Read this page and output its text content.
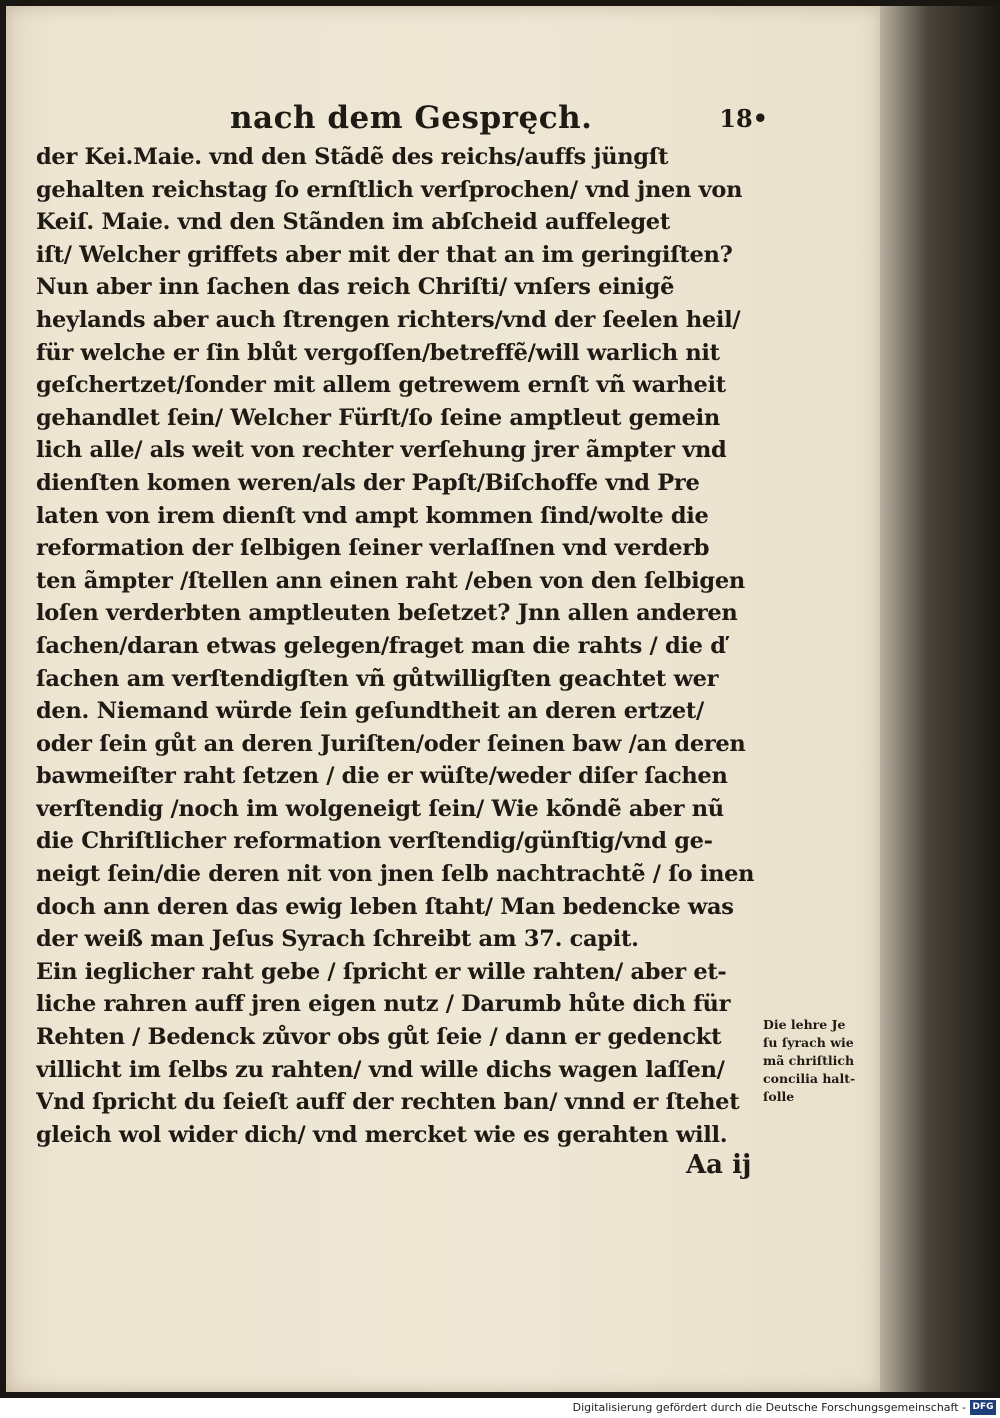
nach dem Gespręch.	18•
der Kei.Maie. vnd den Stãdẽ des reichs/auffs jüngſt
gehalten reichstag ſo ernſtlich verſprochen/ vnd jnen von
Keiſ. Maie. vnd den Stãnden im abſcheid auffeleget
iſt/ Welcher griffets aber mit der that an im geringiſten?
Nun aber inn ſachen das reich Chriſti/ vnſers einigẽ
heylands aber auch ſtrengen richters/vnd der ſeelen heil/
für welche er ſin blůt vergoſſen/betreffẽ/will warlich nit
geſchertzet/ſonder mit allem getrewem ernſt vñ warheit
gehandlet ſein/ Welcher Fürſt/ſo ſeine amptleut gemein
lich alle/ als weit von rechter verſehung jrer ãmpter vnd
dienſten komen weren/als der Papſt/Biſchoffe vnd Pre
laten von irem dienſt vnd ampt kommen ſind/wolte die
reformation der ſelbigen ſeiner verlaſſnen vnd verderb
ten ãmpter /ſtellen ann einen raht /eben von den ſelbigen
loſen verderbten amptleuten beſetzet? Jnn allen anderen
ſachen/daran etwas gelegen/fraget man die rahts / die ď
ſachen am verſtendigſten vñ gůtwilligſten geachtet wer
den. Niemand würde ſein geſundtheit an deren ertzet/
oder ſein gůt an deren Juriſten/oder ſeinen baw /an deren
bawmeiſter raht ſetzen / die er wüſte/weder diſer ſachen
verſtendig /noch im wolgeneigt ſein/ Wie kõndẽ aber nũ
die Chriſtlicher reformation verſtendig/günſtig/vnd ge-
neigt ſein/die deren nit von jnen ſelb nachtrachtẽ / ſo inen
doch ann deren das ewig leben ſtaht/ Man bedencke was
der weiß man Jeſus Syrach ſchreibt am 37. capit.
Ein ieglicher raht gebe / ſpricht er wille rahten/ aber et-
liche rahren auff jren eigen nutz / Darumb hůte dich für
Rehten / Bedenck zůvor obs gůt ſeie / dann er gedenckt
villicht im ſelbs zu rahten/ vnd wille dichs wagen laſſen/
Vnd ſpricht du ſeieſt auff der rechten ban/ vnnd er ſtehet
gleich wol wider dich/ vnd mercket wie es gerahten will.
Die lehre Je
ſu ſyrach wie
mã chriſtlich
concilia halt-
ſolle
Aa ij
Digitalisierung gefördert durch die Deutsche Forschungsgemeinschaft - DFG
